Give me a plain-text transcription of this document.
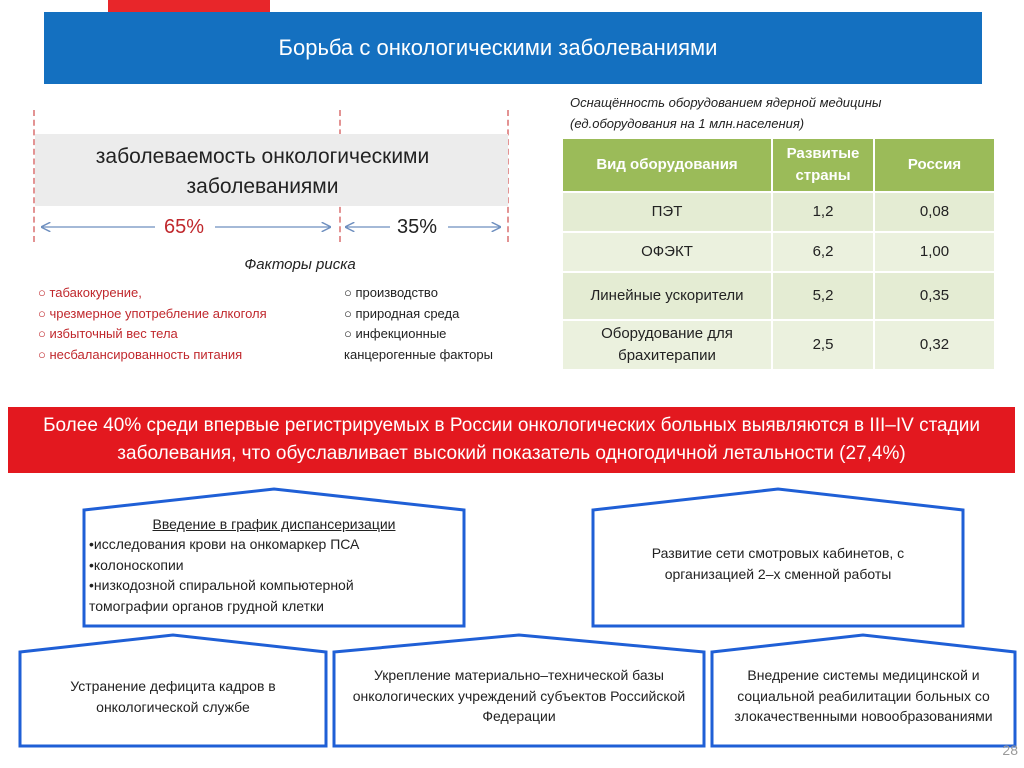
Борьба с онкологическими заболеваниями
заболеваемость онкологическими
заболеваниями
65%	35%
Факторы риска
○ табакокурение,
○ чрезмерное употребление алкоголя
○ избыточный вес тела
○ несбалансированность питания
○ производство
○ природная среда
○ инфекционные
канцерогенные факторы
Оснащённость оборудованием ядерной медицины
(ед.оборудования на 1 млн.населения)
Вид оборудования	Развитые страны	Россия
ПЭТ	1,2	0,08
ОФЭКТ	6,2	1,00
Линейные ускорители	5,2	0,35
Оборудование для брахитерапии	2,5	0,32
Более 40% среди впервые регистрируемых в России онкологических больных выявляются в III–IV стадии заболевания, что обуславливает высокий показатель одногодичной летальности (27,4%)
Введение в график диспансеризации
•исследования крови на онкомаркер ПСА
•колоноскопии
•низкодозной спиральной компьютерной
томографии органов грудной клетки
Развитие сети смотровых кабинетов, с организацией 2–х сменной работы
Устранение дефицита кадров в онкологической службе
Укрепление материально–технической базы онкологических учреждений субъектов Российской Федерации
Внедрение системы медицинской и социальной реабилитации больных со злокачественными новообразованиями
28
